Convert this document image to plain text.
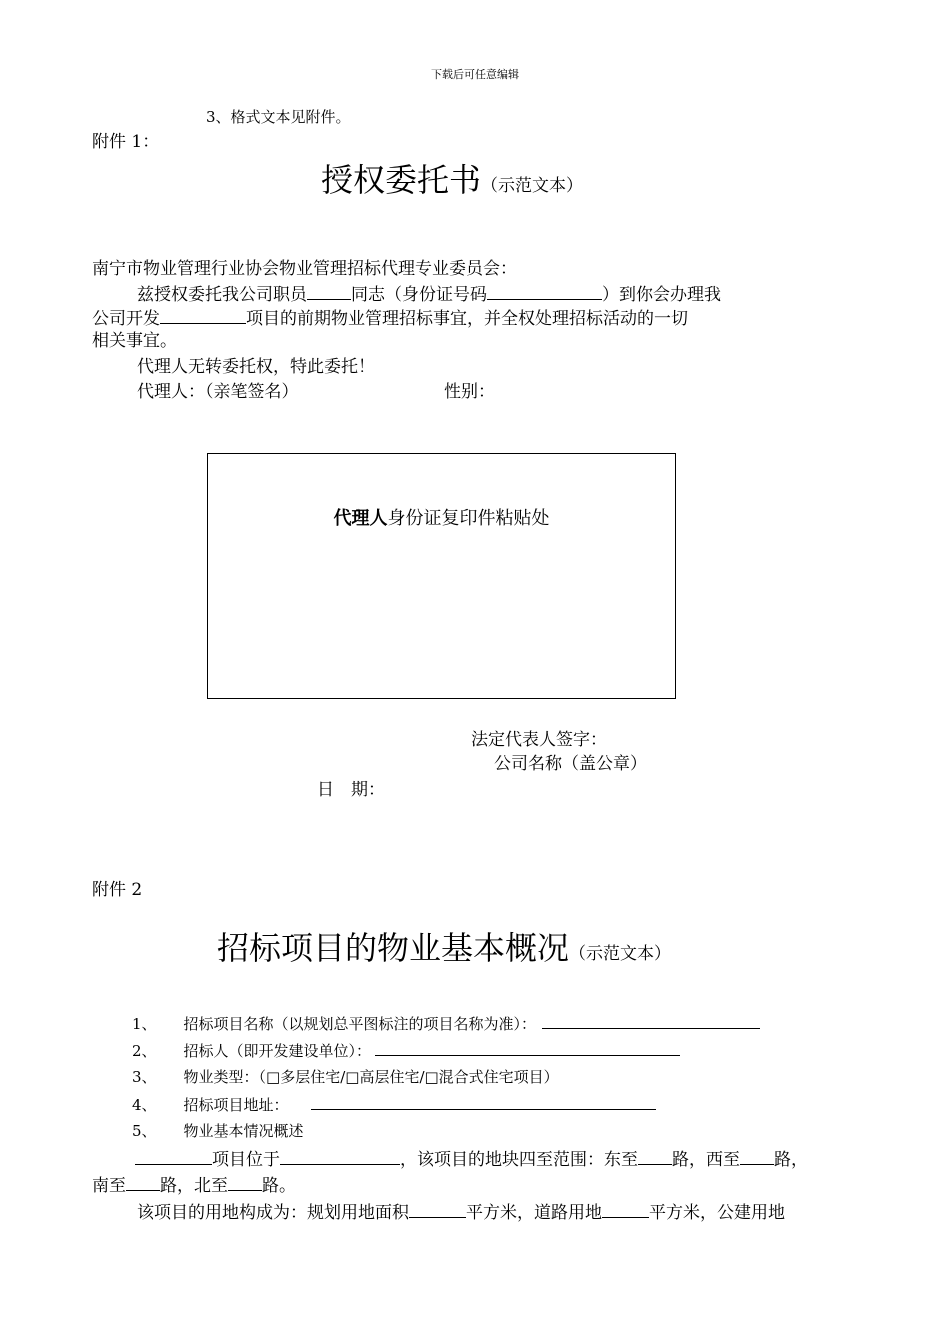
下载后可任意编辑
3、格式文本见附件。
附件 1：
授权委托书（示范文本）
南宁市物业管理行业协会物业管理招标代理专业委员会：
兹授权委托我公司职员	同志（身份证号码	）到你会办理我
公司开发	项目的前期物业管理招标事宜，并全权处理招标活动的一切
相关事宜。
代理人无转委托权，特此委托！
代理人：（亲笔签名）	性别：
代理人身份证复印件粘贴处
法定代表人签字：
公司名称（盖公章）
日　期：
附件 2
招标项目的物业基本概况（示范文本）
1、 招标项目名称（以规划总平图标注的项目名称为准）：
2、 招标人（即开发建设单位）：
3、 物业类型：（□多层住宅/□高层住宅/□混合式住宅项目）
4、 招标项目地址：
5、 物业基本情况概述
项目位于	，该项目的地块四至范围：东至 路，西至 路，
南至 路，北至 路。
该项目的用地构成为：规划用地面积	平方米，道路用地	平方米，公建用地
